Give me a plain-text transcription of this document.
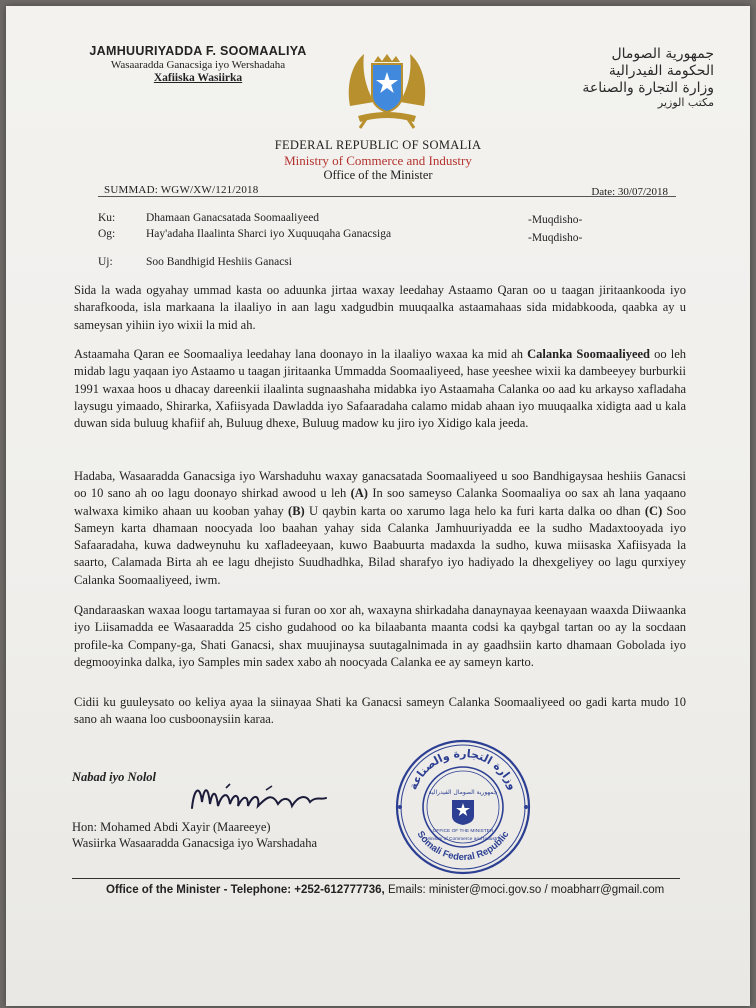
JAMHUURIYADDA F. SOOMAALIYA
Wasaaradda Ganacsiga iyo Wershadaha
Xafiiska Wasiirka
جمهورية الصومال
الحكومة الفيدرالية
وزارة التجارة والصناعة
مكتب الوزير
FEDERAL REPUBLIC OF SOMALIA
Ministry of Commerce and Industry
Office of the Minister
SUMMAD: WGW/XW/121/2018	Date: 30/07/2018
Ku:	Dhamaan Ganacsatada Soomaaliyeed	-Muqdisho-
Og:	Hay'adaha Ilaalinta Sharci iyo Xuquuqaha Ganacsiga	-Muqdisho-
Uj:	Soo Bandhigid Heshiis Ganacsi
Sida la wada ogyahay ummad kasta oo aduunka jirtaa waxay leedahay Astaamo Qaran oo u taagan jiritaankooda iyo sharafkooda, isla markaana la ilaaliyo in aan lagu xadgudbin muuqaalka astaamahaas sida midabkooda, qaabka ay u sameysan yihiin iyo wixii la mid ah.
Astaamaha Qaran ee Soomaaliya leedahay lana doonayo in la ilaaliyo waxaa ka mid ah Calanka Soomaaliyeed oo leh midab lagu yaqaan iyo Astaamo u taagan jiritaanka Ummadda Soomaaliyeed, hase yeeshee wixii ka dambeeyey burburkii 1991 waxaa hoos u dhacay dareenkii ilaalinta sugnaashaha midabka iyo Astaamaha Calanka oo aad ku arkayso xafladaha laysugu yimaado, Shirarka, Xafiisyada Dawladda iyo Safaaradaha calamo midab ahaan iyo muuqaalka xidigta aad u kala duwan sida buluug khafiif ah, Buluug dhexe, Buluug madow ku jiro iyo Xidigo kala jeeda.
Hadaba, Wasaaradda Ganacsiga iyo Warshaduhu waxay ganacsatada Soomaaliyeed u soo Bandhigaysaa heshiis Ganacsi oo 10 sano ah oo lagu doonayo shirkad awood u leh (A) In soo sameyso Calanka Soomaaliya oo sax ah lana yaqaano walwaxa kimiko ahaan uu kooban yahay (B) U qaybin karta oo xarumo laga helo ka furi karta dalka oo dhan (C) Soo Sameyn karta dhamaan noocyada loo baahan yahay sida Calanka Jamhuuriyadda ee la sudho Madaxtooyada iyo Safaaradaha, kuwa dadweynuhu ku xafladeeyaan, kuwo Baabuurta madaxda la sudho, kuwa miisaska Xafiisyada la saarto, Calamada Birta ah ee lagu dhejisto Suudhadhka, Bilad sharafyo iyo hadiyado la dhexgeliyey oo lagu qurxiyey Calanka Soomaaliyeed, iwm.
Qandaraaskan waxaa loogu tartamayaa si furan oo xor ah, waxayna shirkadaha danaynayaa keenayaan waaxda Diiwaanka iyo Liisamadda ee Wasaaradda 25 cisho gudahood oo ka bilaabanta maanta codsi ka qaybgal tartan oo ay la socdaan profile-ka Company-ga, Shati Ganacsi, shax muujinaysa suutagalnimada in ay gaadhsiin karto dhamaan Gobolada iyo degmooyinka dalka, iyo Samples min sadex xabo ah noocyada Calanka ee ay sameyn karto.
Cidii ku guuleysato oo keliya ayaa la siinayaa Shati ka Ganacsi sameyn Calanka Soomaaliyeed oo gadi karta mudo 10 sano ah waana loo cusboonaysiin karaa.
Nabad iyo Nolol
Hon: Mohamed Abdi Xayir (Maareeye)
Wasiirka Wasaaradda Ganacsiga iyo Warshadaha
وزارة التجارة والصناعة
Somali Federal Republic
جمهورية الصومال الفيدرالية
OFFICE OF THE MINISTER
Ministry of Commerce and Industry
Office of the Minister - Telephone: +252-612777736, Emails: minister@moci.gov.so / moabharr@gmail.com
